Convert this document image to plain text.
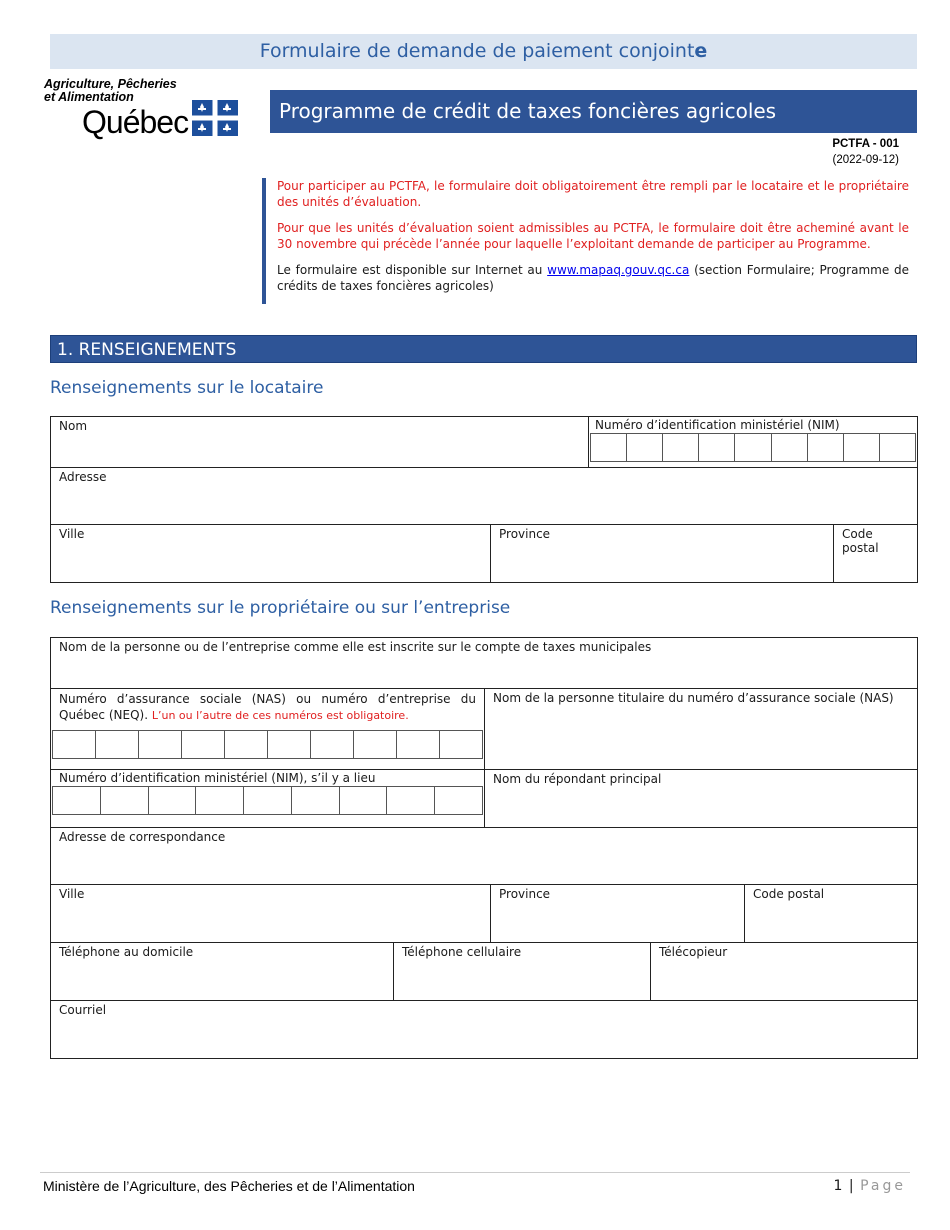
Formulaire de demande de paiement conjointe
Agriculture, Pêcheries
et Alimentation
Québec	Programme de crédit de taxes foncières agricoles
PCTFA - 001
(2022-09-12)

Pour participer au PCTFA, le formulaire doit obligatoirement être rempli par le locataire et le propriétaire des unités d’évaluation.

Pour que les unités d’évaluation soient admissibles au PCTFA, le formulaire doit être acheminé avant le 30 novembre qui précède l’année pour laquelle l’exploitant demande de participer au Programme.

Le formulaire est disponible sur Internet au www.mapaq.gouv.qc.ca (section Formulaire; Programme de crédits de taxes foncières agricoles)

1. RENSEIGNEMENTS
Renseignements sur le locataire
Nom		Numéro d’identification ministériel (NIM)	

Adresse			
Ville	Province		Code postal
Renseignements sur le propriétaire ou sur l’entreprise
Nom de la personne ou de l’entreprise comme elle est inscrite sur le compte de taxes municipales					

Numéro d’assurance sociale (NAS) ou numéro d’entreprise du Québec (NEQ). L’un ou l’autre de ces numéros est obligatoire.		Nom de la personne titulaire du numéro d’assurance sociale (NAS)			

Numéro d’identification ministériel (NIM), s’il y a lieu		Nom du répondant principal			
Adresse de correspondance					
Ville			Province		Code postal
Téléphone au domicile	Téléphone cellulaire			Télécopieur	
Courriel					
Ministère de l’Agriculture, des Pêcheries et de l’Alimentation	1 | Page
